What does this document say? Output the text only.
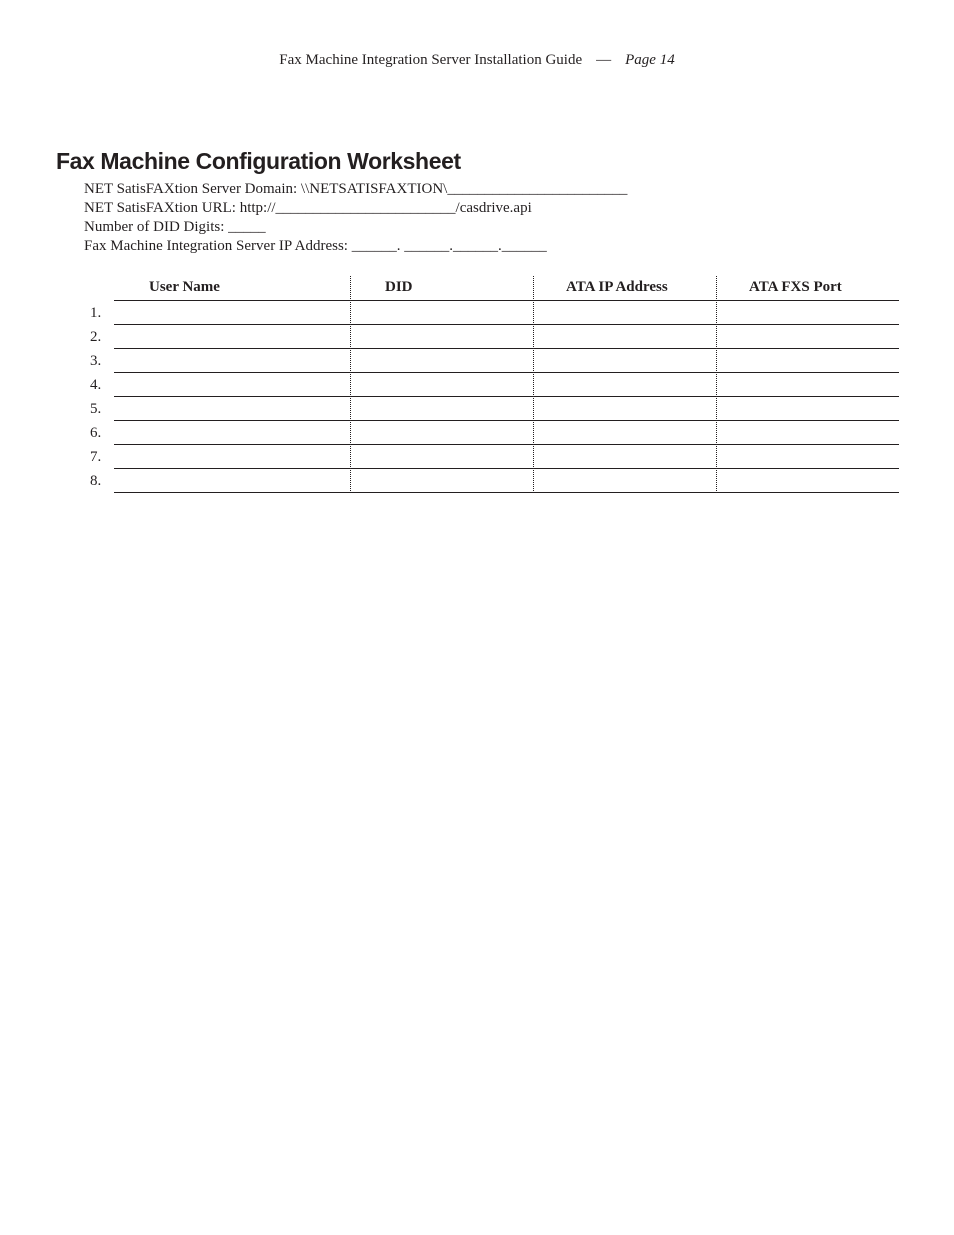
Fax Machine Integration Server Installation Guide — Page 14
Fax Machine Configuration Worksheet
NET SatisFAXtion Server Domain: \\NETSATISFAXTION\________________________
NET SatisFAXtion URL: http://________________________/casdrive.api
Number of DID Digits: _____
Fax Machine Integration Server IP Address: ______. ______.______.______
User Name	DID	ATA IP Address	ATA FXS Port
1.
2.
3.
4.
5.
6.
7.
8.
